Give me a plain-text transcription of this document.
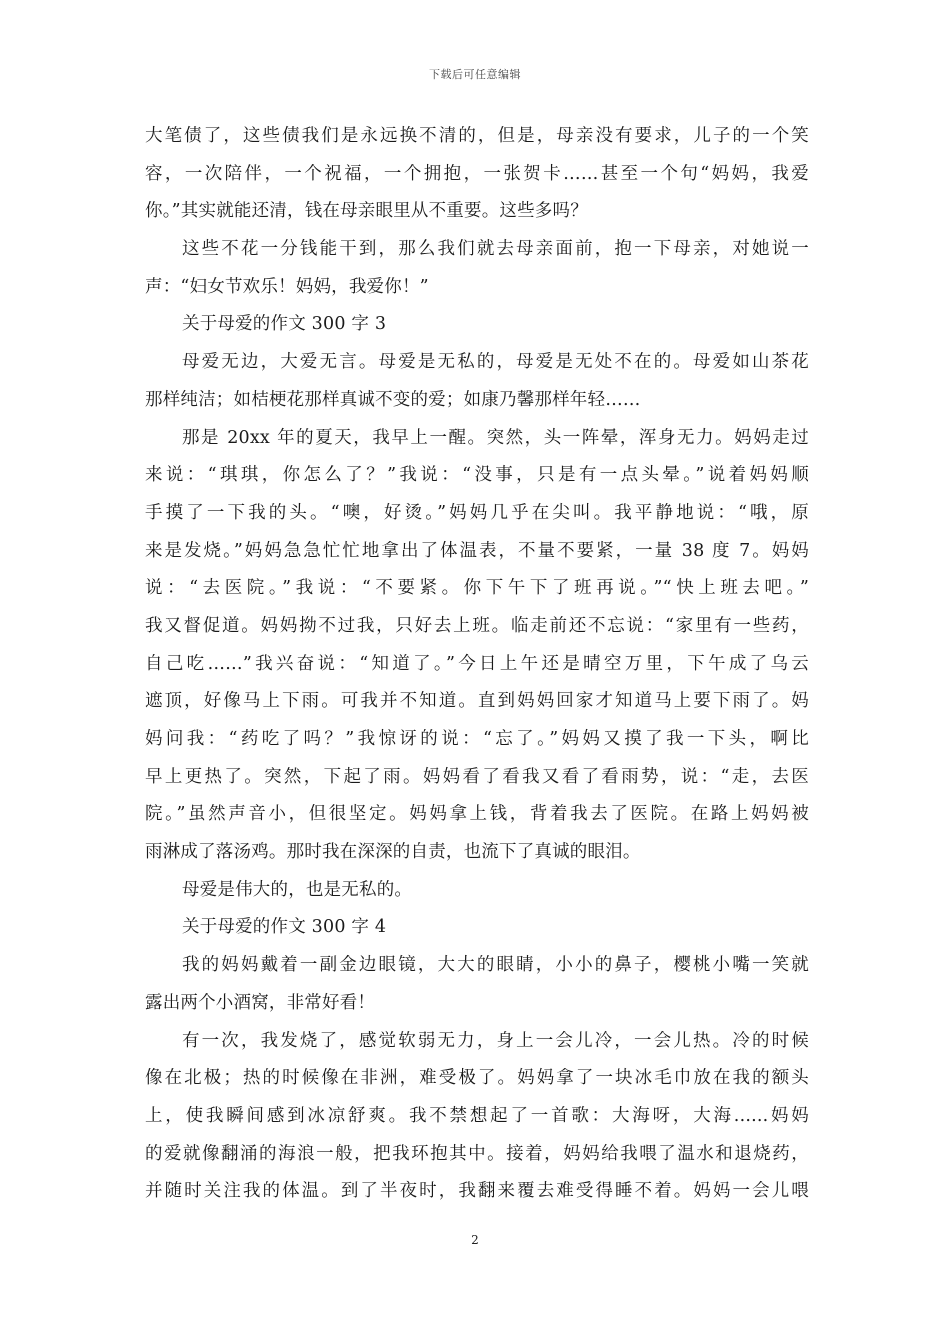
下载后可任意编辑
大笔债了，这些债我们是永远换不清的，但是，母亲没有要求，儿子的一个笑
容，一次陪伴，一个祝福，一个拥抱，一张贺卡……甚至一个句“妈妈，我爱
你。”其实就能还清，钱在母亲眼里从不重要。这些多吗？
这些不花一分钱能干到，那么我们就去母亲面前，抱一下母亲，对她说一
声：“妇女节欢乐！妈妈，我爱你！”
关于母爱的作文 300 字 3
母爱无边，大爱无言。母爱是无私的，母爱是无处不在的。母爱如山茶花
那样纯洁；如桔梗花那样真诚不变的爱；如康乃馨那样年轻……
那是 20xx 年的夏天，我早上一醒。突然，头一阵晕，浑身无力。妈妈走过
来说：“琪琪，你怎么了？”我说：“没事，只是有一点头晕。”说着妈妈顺
手摸了一下我的头。“噢，好烫。”妈妈几乎在尖叫。我平静地说：“哦，原
来是发烧。”妈妈急急忙忙地拿出了体温表，不量不要紧，一量 38 度 7。妈妈
说：“去医院。”我说：“不要紧。你下午下了班再说。”“快上班去吧。”
我又督促道。妈妈拗不过我，只好去上班。临走前还不忘说：“家里有一些药，
自己吃……”我兴奋说：“知道了。”今日上午还是晴空万里，下午成了乌云
遮顶，好像马上下雨。可我并不知道。直到妈妈回家才知道马上要下雨了。妈
妈问我：“药吃了吗？”我惊讶的说：“忘了。”妈妈又摸了我一下头，啊比
早上更热了。突然，下起了雨。妈妈看了看我又看了看雨势，说：“走，去医
院。”虽然声音小，但很坚定。妈妈拿上钱，背着我去了医院。在路上妈妈被
雨淋成了落汤鸡。那时我在深深的自责，也流下了真诚的眼泪。
母爱是伟大的，也是无私的。
关于母爱的作文 300 字 4
我的妈妈戴着一副金边眼镜，大大的眼睛，小小的鼻子，樱桃小嘴一笑就
露出两个小酒窝，非常好看！
有一次，我发烧了，感觉软弱无力，身上一会儿冷，一会儿热。冷的时候
像在北极；热的时候像在非洲，难受极了。妈妈拿了一块冰毛巾放在我的额头
上，使我瞬间感到冰凉舒爽。我不禁想起了一首歌：大海呀，大海......妈妈
的爱就像翻涌的海浪一般，把我环抱其中。接着，妈妈给我喂了温水和退烧药，
并随时关注我的体温。到了半夜时，我翻来覆去难受得睡不着。妈妈一会儿喂
2
